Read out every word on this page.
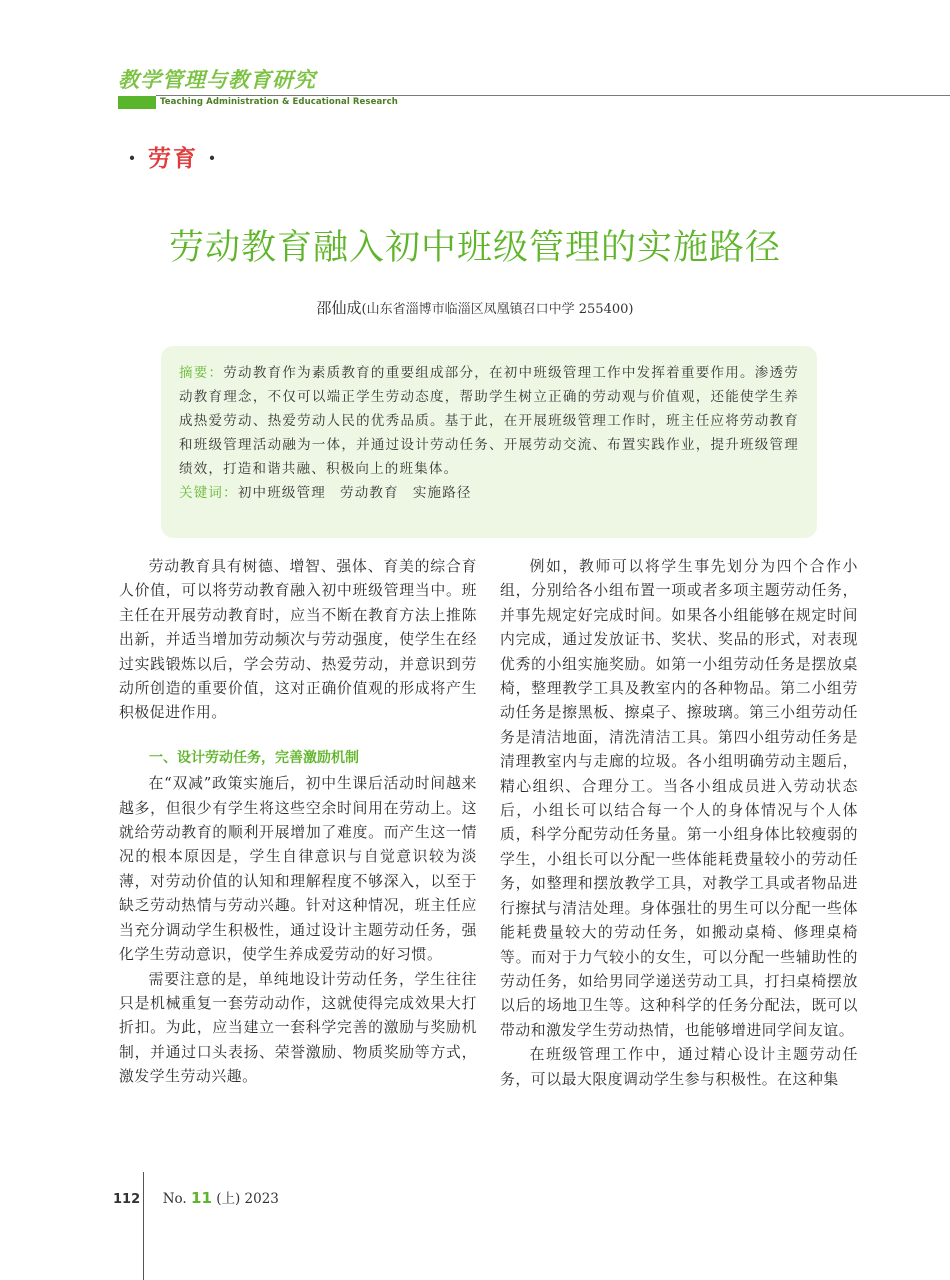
教学管理与教育研究
Teaching Administration & Educational Research
· 劳育 ·
劳动教育融入初中班级管理的实施路径
邵仙成(山东省淄博市临淄区凤凰镇召口中学 255400)

摘要：劳动教育作为素质教育的重要组成部分，在初中班级管理工作中发挥着重要作用。渗透劳动教育理念，不仅可以端正学生劳动态度，帮助学生树立正确的劳动观与价值观，还能使学生养成热爱劳动、热爱劳动人民的优秀品质。基于此，在开展班级管理工作时，班主任应将劳动教育和班级管理活动融为一体，并通过设计劳动任务、开展劳动交流、布置实践作业，提升班级管理绩效，打造和谐共融、积极向上的班集体。

关键词：初中班级管理 劳动教育 实施路径

劳动教育具有树德、增智、强体、育美的综合育人价值，可以将劳动教育融入初中班级管理当中。班主任在开展劳动教育时，应当不断在教育方法上推陈出新，并适当增加劳动频次与劳动强度，使学生在经过实践锻炼以后，学会劳动、热爱劳动，并意识到劳动所创造的重要价值，这对正确价值观的形成将产生积极促进作用。

一、设计劳动任务，完善激励机制

在“双减”政策实施后，初中生课后活动时间越来越多，但很少有学生将这些空余时间用在劳动上。这就给劳动教育的顺利开展增加了难度。而产生这一情况的根本原因是，学生自律意识与自觉意识较为淡薄，对劳动价值的认知和理解程度不够深入，以至于缺乏劳动热情与劳动兴趣。针对这种情况，班主任应当充分调动学生积极性，通过设计主题劳动任务，强化学生劳动意识，使学生养成爱劳动的好习惯。

需要注意的是，单纯地设计劳动任务，学生往往只是机械重复一套劳动动作，这就使得完成效果大打折扣。为此，应当建立一套科学完善的激励与奖励机制，并通过口头表扬、荣誉激励、物质奖励等方式，激发学生劳动兴趣。

例如，教师可以将学生事先划分为四个合作小组，分别给各小组布置一项或者多项主题劳动任务，并事先规定好完成时间。如果各小组能够在规定时间内完成，通过发放证书、奖状、奖品的形式，对表现优秀的小组实施奖励。如第一小组劳动任务是摆放桌椅，整理教学工具及教室内的各种物品。第二小组劳动任务是擦黑板、擦桌子、擦玻璃。第三小组劳动任务是清洁地面，清洗清洁工具。第四小组劳动任务是清理教室内与走廊的垃圾。各小组明确劳动主题后，精心组织、合理分工。当各小组成员进入劳动状态后，小组长可以结合每一个人的身体情况与个人体质，科学分配劳动任务量。第一小组身体比较瘦弱的学生，小组长可以分配一些体能耗费量较小的劳动任务，如整理和摆放教学工具，对教学工具或者物品进行擦拭与清洁处理。身体强壮的男生可以分配一些体能耗费量较大的劳动任务，如搬动桌椅、修理桌椅等。而对于力气较小的女生，可以分配一些辅助性的劳动任务，如给男同学递送劳动工具，打扫桌椅摆放以后的场地卫生等。这种科学的任务分配法，既可以带动和激发学生劳动热情，也能够增进同学间友谊。

在班级管理工作中，通过精心设计主题劳动任务，可以最大限度调动学生参与积极性。在这种集

112 No. 11 (上) 2023
